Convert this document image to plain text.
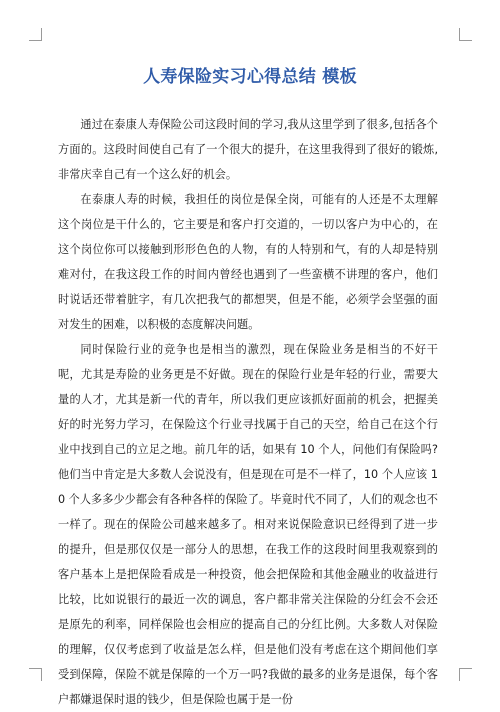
人寿保险实习心得总结 模板

通过在泰康人寿保险公司这段时间的学习,我从这里学到了很多,包括各个方面的。这段时间使自己有了一个很大的提升，在这里我得到了很好的锻炼,非常庆幸自己有一个这么好的机会。

在泰康人寿的时候，我担任的岗位是保全岗，可能有的人还是不太理解这个岗位是干什么的，它主要是和客户打交道的，一切以客户为中心的，在这个岗位你可以接触到形形色色的人物，有的人特别和气，有的人却是特别难对付，在我这段工作的时间内曾经也遇到了一些蛮横不讲理的客户，他们时说话还带着脏字，有几次把我气的都想哭，但是不能，必须学会坚强的面对发生的困难，以积极的态度解决问题。

同时保险行业的竞争也是相当的激烈，现在保险业务是相当的不好干呢，尤其是寿险的业务更是不好做。现在的保险行业是年轻的行业，需要大量的人才，尤其是新一代的青年，所以我们更应该抓好面前的机会，把握美好的时光努力学习，在保险这个行业寻找属于自己的天空，给自己在这个行业中找到自己的立足之地。前几年的话，如果有 10 个人，问他们有保险吗?他们当中肯定是大多数人会说没有，但是现在可是不一样了，10 个人应该 10 个人多多少少都会有各种各样的保险了。毕竟时代不同了，人们的观念也不一样了。现在的保险公司越来越多了。相对来说保险意识已经得到了进一步的提升，但是那仅仅是一部分人的思想，在我工作的这段时间里我观察到的客户基本上是把保险看成是一种投资，他会把保险和其他金融业的收益进行比较，比如说银行的最近一次的调息，客户都非常关注保险的分红会不会还是原先的利率，同样保险也会相应的提高自己的分红比例。大多数人对保险的理解，仅仅考虑到了收益是怎么样，但是他们没有考虑在这个期间他们享受到保障，保险不就是保障的一个万一吗?我做的最多的业务是退保，每个客户都嫌退保时退的钱少，但是保险也属于是一份
